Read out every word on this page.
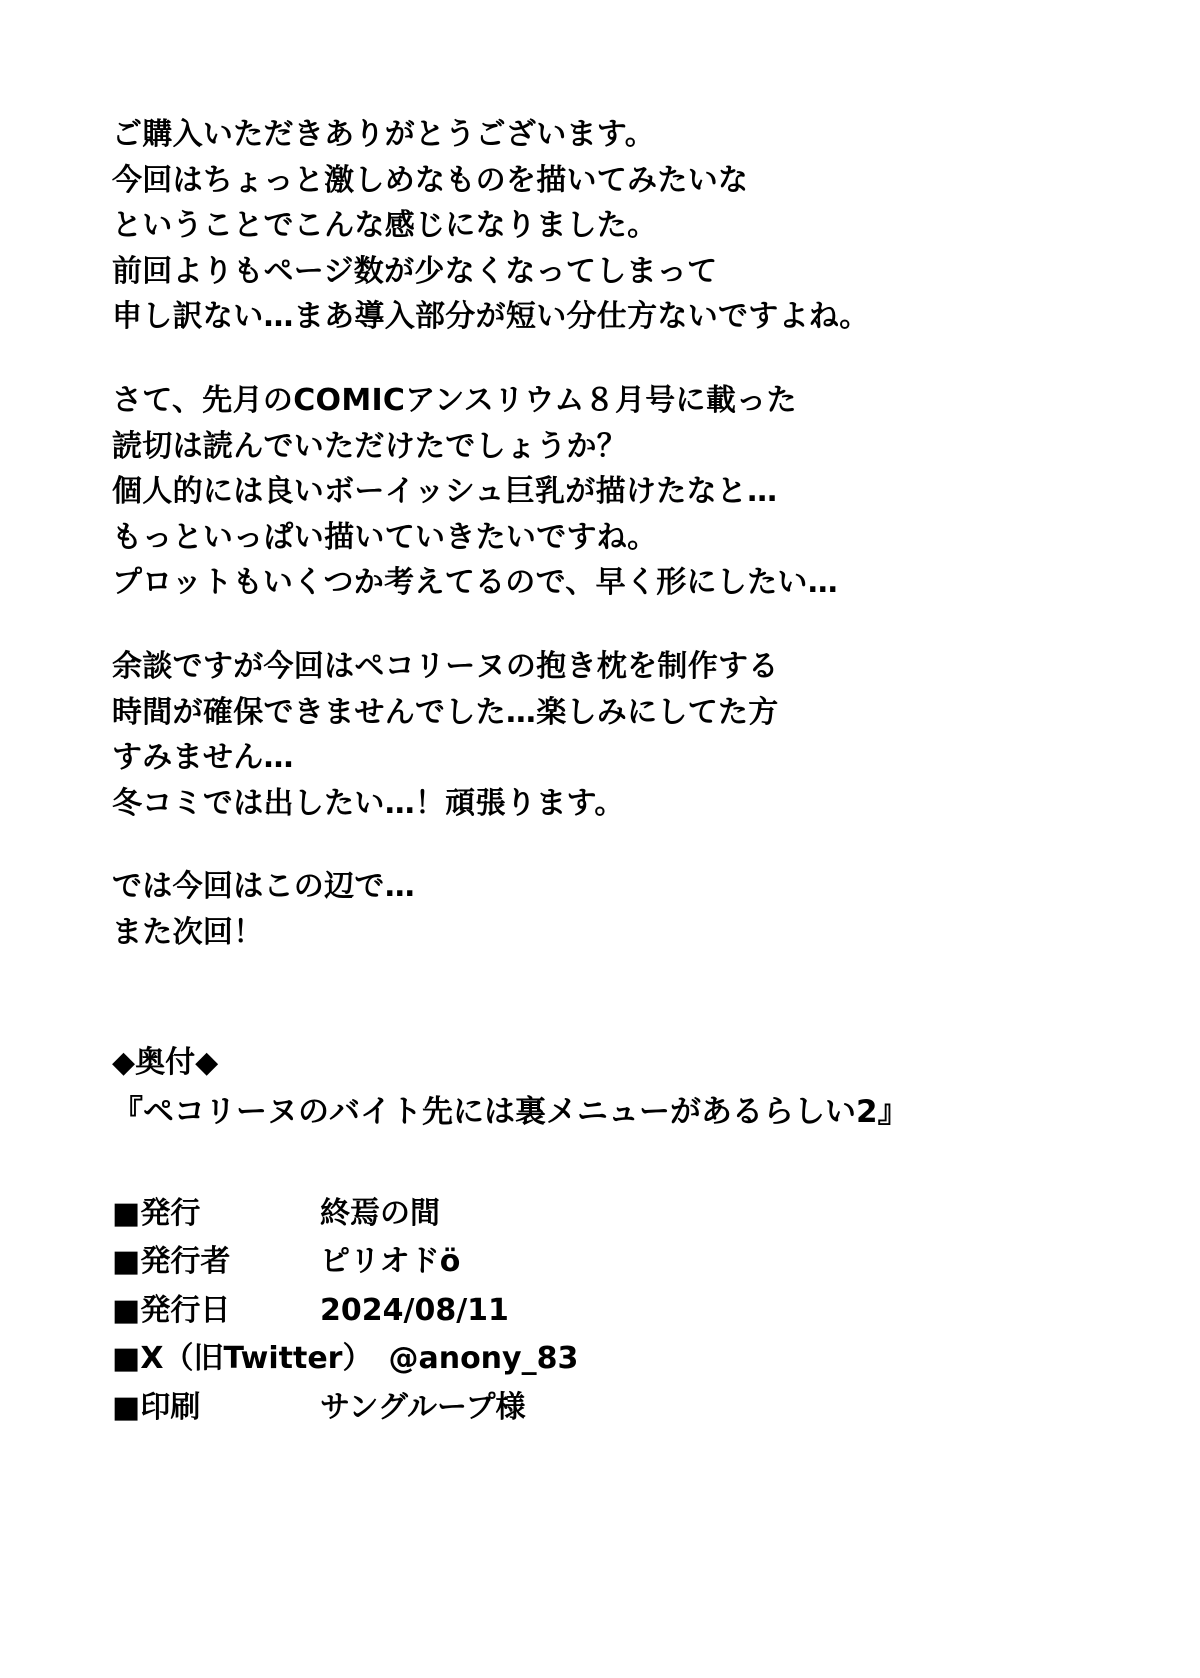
ご購入いただきありがとうございます。
今回はちょっと激しめなものを描いてみたいな
ということでこんな感じになりました。
前回よりもページ数が少なくなってしまって
申し訳ない…まあ導入部分が短い分仕方ないですよね。
さて、先月のCOMICアンスリウム８月号に載った
読切は読んでいただけたでしょうか？
個人的には良いボーイッシュ巨乳が描けたなと…
もっといっぱい描いていきたいですね。
プロットもいくつか考えてるので、早く形にしたい…
余談ですが今回はペコリーヌの抱き枕を制作する
時間が確保できませんでした…楽しみにしてた方
すみません…
冬コミでは出したい…！頑張ります。
では今回はこの辺で…
また次回！
◆奥付◆
『ペコリーヌのバイト先には裏メニューがあるらしい2』
■発行	終焉の間
■発行者	ピリオドö
■発行日	2024/08/11
■X（旧Twitter） @anony_83
■印刷	サングループ様
